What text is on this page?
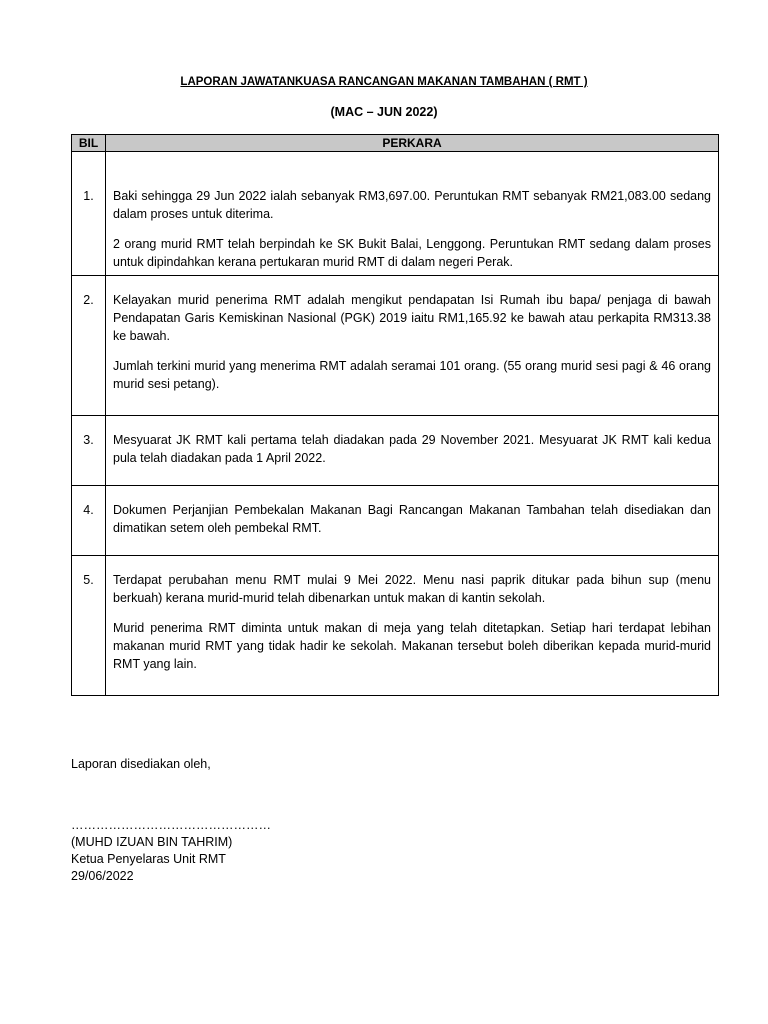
LAPORAN JAWATANKUASA RANCANGAN MAKANAN TAMBAHAN ( RMT )
(MAC – JUN 2022)
BIL	PERKARA

1.	Baki sehingga 29 Jun 2022 ialah sebanyak RM3,697.00. Peruntukan RMT sebanyak RM21,083.00 sedang dalam proses untuk diterima.

2 orang murid RMT telah berpindah ke SK Bukit Balai, Lenggong. Peruntukan RMT sedang dalam proses untuk dipindahkan kerana pertukaran murid RMT di dalam negeri Perak.

2.	Kelayakan murid penerima RMT adalah mengikut pendapatan Isi Rumah ibu bapa/ penjaga di bawah Pendapatan Garis Kemiskinan Nasional (PGK) 2019 iaitu RM1,165.92 ke bawah atau perkapita RM313.38 ke bawah.

Jumlah terkini murid yang menerima RMT adalah seramai 101 orang. (55 orang murid sesi pagi & 46 orang murid sesi petang).

3.	Mesyuarat JK RMT kali pertama telah diadakan pada 29 November 2021. Mesyuarat JK RMT kali kedua pula telah diadakan pada 1 April 2022.

4.	Dokumen Perjanjian Pembekalan Makanan Bagi Rancangan Makanan Tambahan telah disediakan dan dimatikan setem oleh pembekal RMT.

5.	Terdapat perubahan menu RMT mulai 9 Mei 2022. Menu nasi paprik ditukar pada bihun sup (menu berkuah) kerana murid-murid telah dibenarkan untuk makan di kantin sekolah.

Murid penerima RMT diminta untuk makan di meja yang telah ditetapkan. Setiap hari terdapat lebihan makanan murid RMT yang tidak hadir ke sekolah. Makanan tersebut boleh diberikan kepada murid-murid RMT yang lain.

Laporan disediakan oleh,
…………………………………………
(MUHD IZUAN BIN TAHRIM)
Ketua Penyelaras Unit RMT
29/06/2022
